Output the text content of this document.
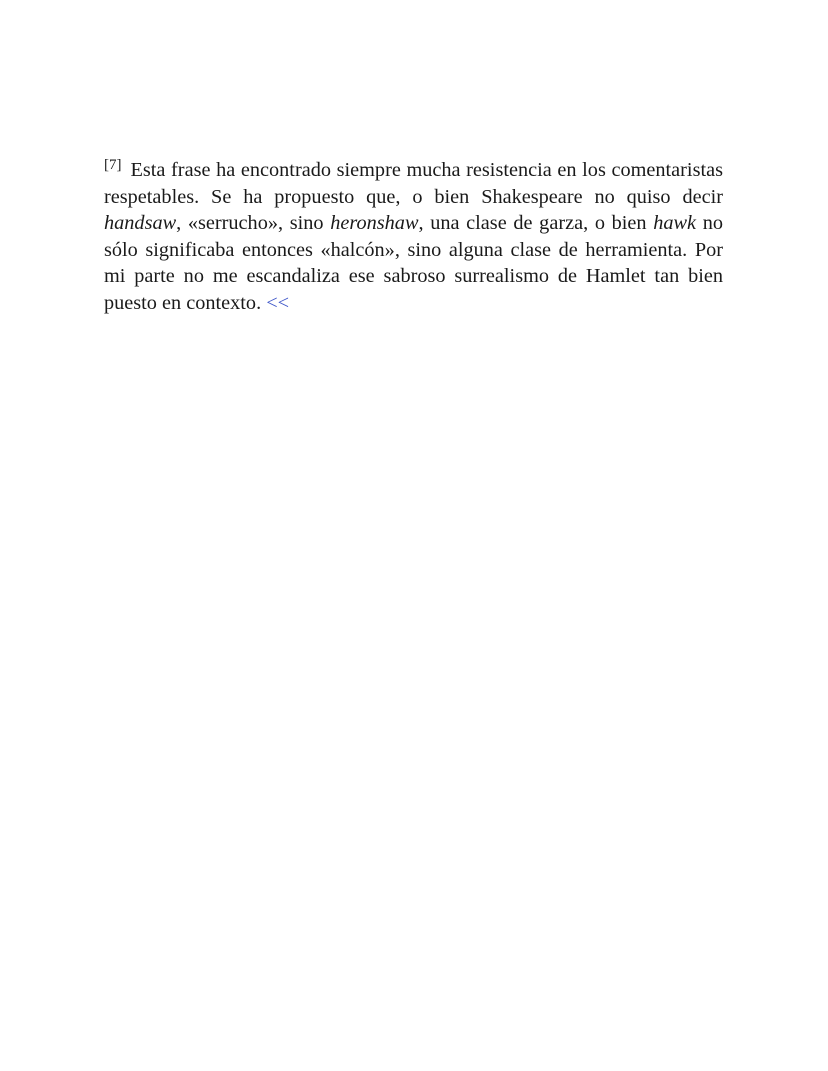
[7] Esta frase ha encontrado siempre mucha resistencia en los comentaristas respetables. Se ha propuesto que, o bien Shakespeare no quiso decir handsaw, «serrucho», sino heronshaw, una clase de garza, o bien hawk no sólo significaba entonces «halcón», sino alguna clase de herramienta. Por mi parte no me escandaliza ese sabroso surrealismo de Hamlet tan bien puesto en contexto. <<
